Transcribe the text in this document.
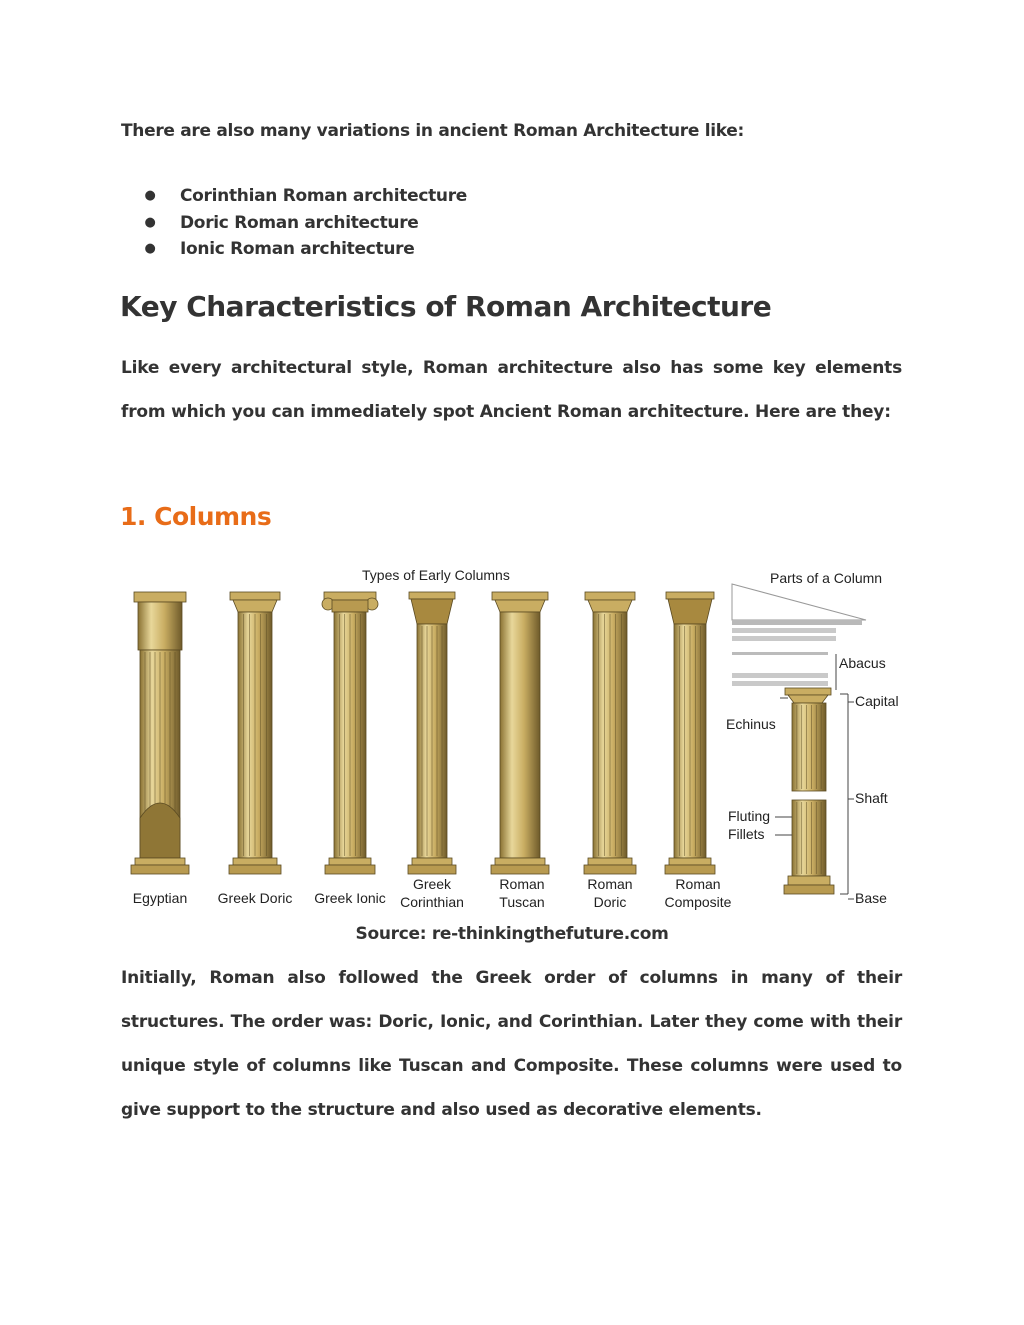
There are also many variations in ancient Roman Architecture like:

● Corinthian Roman architecture
● Doric Roman architecture
● Ionic Roman architecture
Key Characteristics of Roman Architecture

Like every architectural style, Roman architecture also has some key elements from which you can immediately spot Ancient Roman architecture. Here are they:

1. Columns
Types of Early Columns
Egyptian Greek Doric Greek Ionic
Greek
Corinthian
Roman
Tuscan
Roman
Doric
Roman
Composite
Parts of a Column
Abacus
Capital
Shaft
Base
Echinus
Fluting
Fillets

Source: re-thinkingthefuture.com

Initially, Roman also followed the Greek order of columns in many of their structures. The order was: Doric, Ionic, and Corinthian. Later they come with their unique style of columns like Tuscan and Composite. These columns were used to give support to the structure and also used as decorative elements.
